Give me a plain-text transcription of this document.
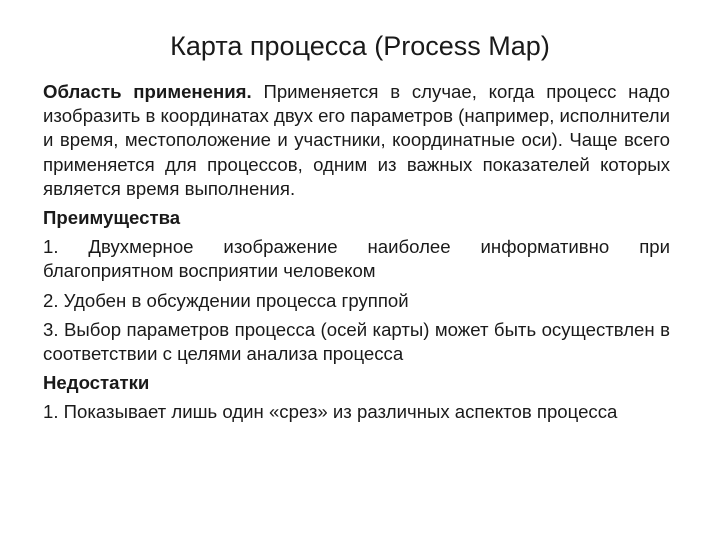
Карта процесса (Process Map)

Область применения. Применяется в случае, когда процесс надо изобразить в координатах двух его параметров (например, исполнители и время, местоположение и участники, координатные оси). Чаще всего применяется для процессов, одним из важных показателей которых является время выполнения.

Преимущества

1. Двухмерное изображение наиболее информативно при благоприятном восприятии человеком

2. Удобен в обсуждении процесса группой

3. Выбор параметров процесса (осей карты) может быть осуществлен в соответствии с целями анализа процесса

Недостатки

1. Показывает лишь один «срез» из различных аспектов процесса
